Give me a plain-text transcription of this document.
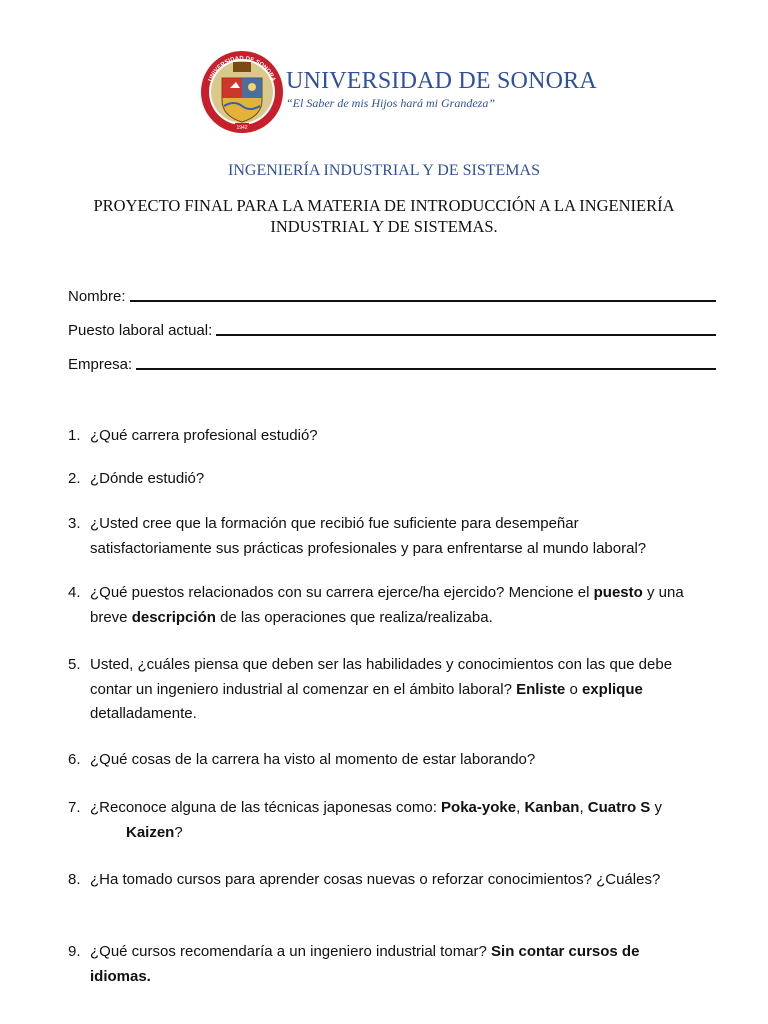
1942
UNIVERSIDAD DE SONORA UNIVERSIDAD DE SONORA
“El Saber de mis Hijos hará mi Grandeza”
INGENIERÍA INDUSTRIAL Y DE SISTEMAS
PROYECTO FINAL PARA LA MATERIA DE INTRODUCCIÓN A LA INGENIERÍA
INDUSTRIAL Y DE SISTEMAS.
Nombre:
Puesto laboral actual:
Empresa:
1. ¿Qué carrera profesional estudió?
2. ¿Dónde estudió?
3. ¿Usted cree que la formación que recibió fue suficiente para desempeñar
satisfactoriamente sus prácticas profesionales y para enfrentarse al mundo laboral?
4. ¿Qué puestos relacionados con su carrera ejerce/ha ejercido? Mencione el puesto y una
breve descripción de las operaciones que realiza/realizaba.
5. Usted, ¿cuáles piensa que deben ser las habilidades y conocimientos con las que debe
contar un ingeniero industrial al comenzar en el ámbito laboral? Enliste o explique
detalladamente.
6. ¿Qué cosas de la carrera ha visto al momento de estar laborando?
7. ¿Reconoce alguna de las técnicas japonesas como: Poka-yoke, Kanban, Cuatro S y
Kaizen?
8. ¿Ha tomado cursos para aprender cosas nuevas o reforzar conocimientos? ¿Cuáles?
9. ¿Qué cursos recomendaría a un ingeniero industrial tomar? Sin contar cursos de
idiomas.
